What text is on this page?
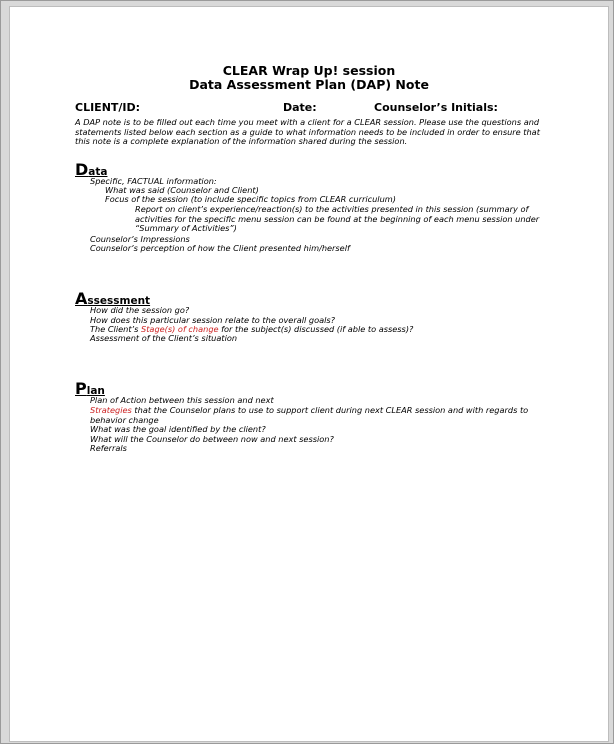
CLEAR Wrap Up! session
Data Assessment Plan (DAP) Note
CLIENT/ID:	Date:	Counselor’s Initials:
A DAP note is to be filled out each time you meet with a client for a CLEAR session. Please use the questions and statements listed below each section as a guide to what information needs to be included in order to ensure that this note is a complete explanation of the information shared during the session.
Data
Specific, FACTUAL information:
What was said (Counselor and Client)
Focus of the session (to include specific topics from CLEAR curriculum)
Report on client’s experience/reaction(s) to the activities presented in this session (summary of activities for the specific menu session can be found at the beginning of each menu session under “Summary of Activities”)
Counselor’s Impressions
Counselor’s perception of how the Client presented him/herself
Assessment
How did the session go?
How does this particular session relate to the overall goals?
The Client’s Stage(s) of change for the subject(s) discussed (if able to assess)?
Assessment of the Client’s situation
Plan
Plan of Action between this session and next
Strategies that the Counselor plans to use to support client during next CLEAR session and with regards to behavior change
What was the goal identified by the client?
What will the Counselor do between now and next session?
Referrals
